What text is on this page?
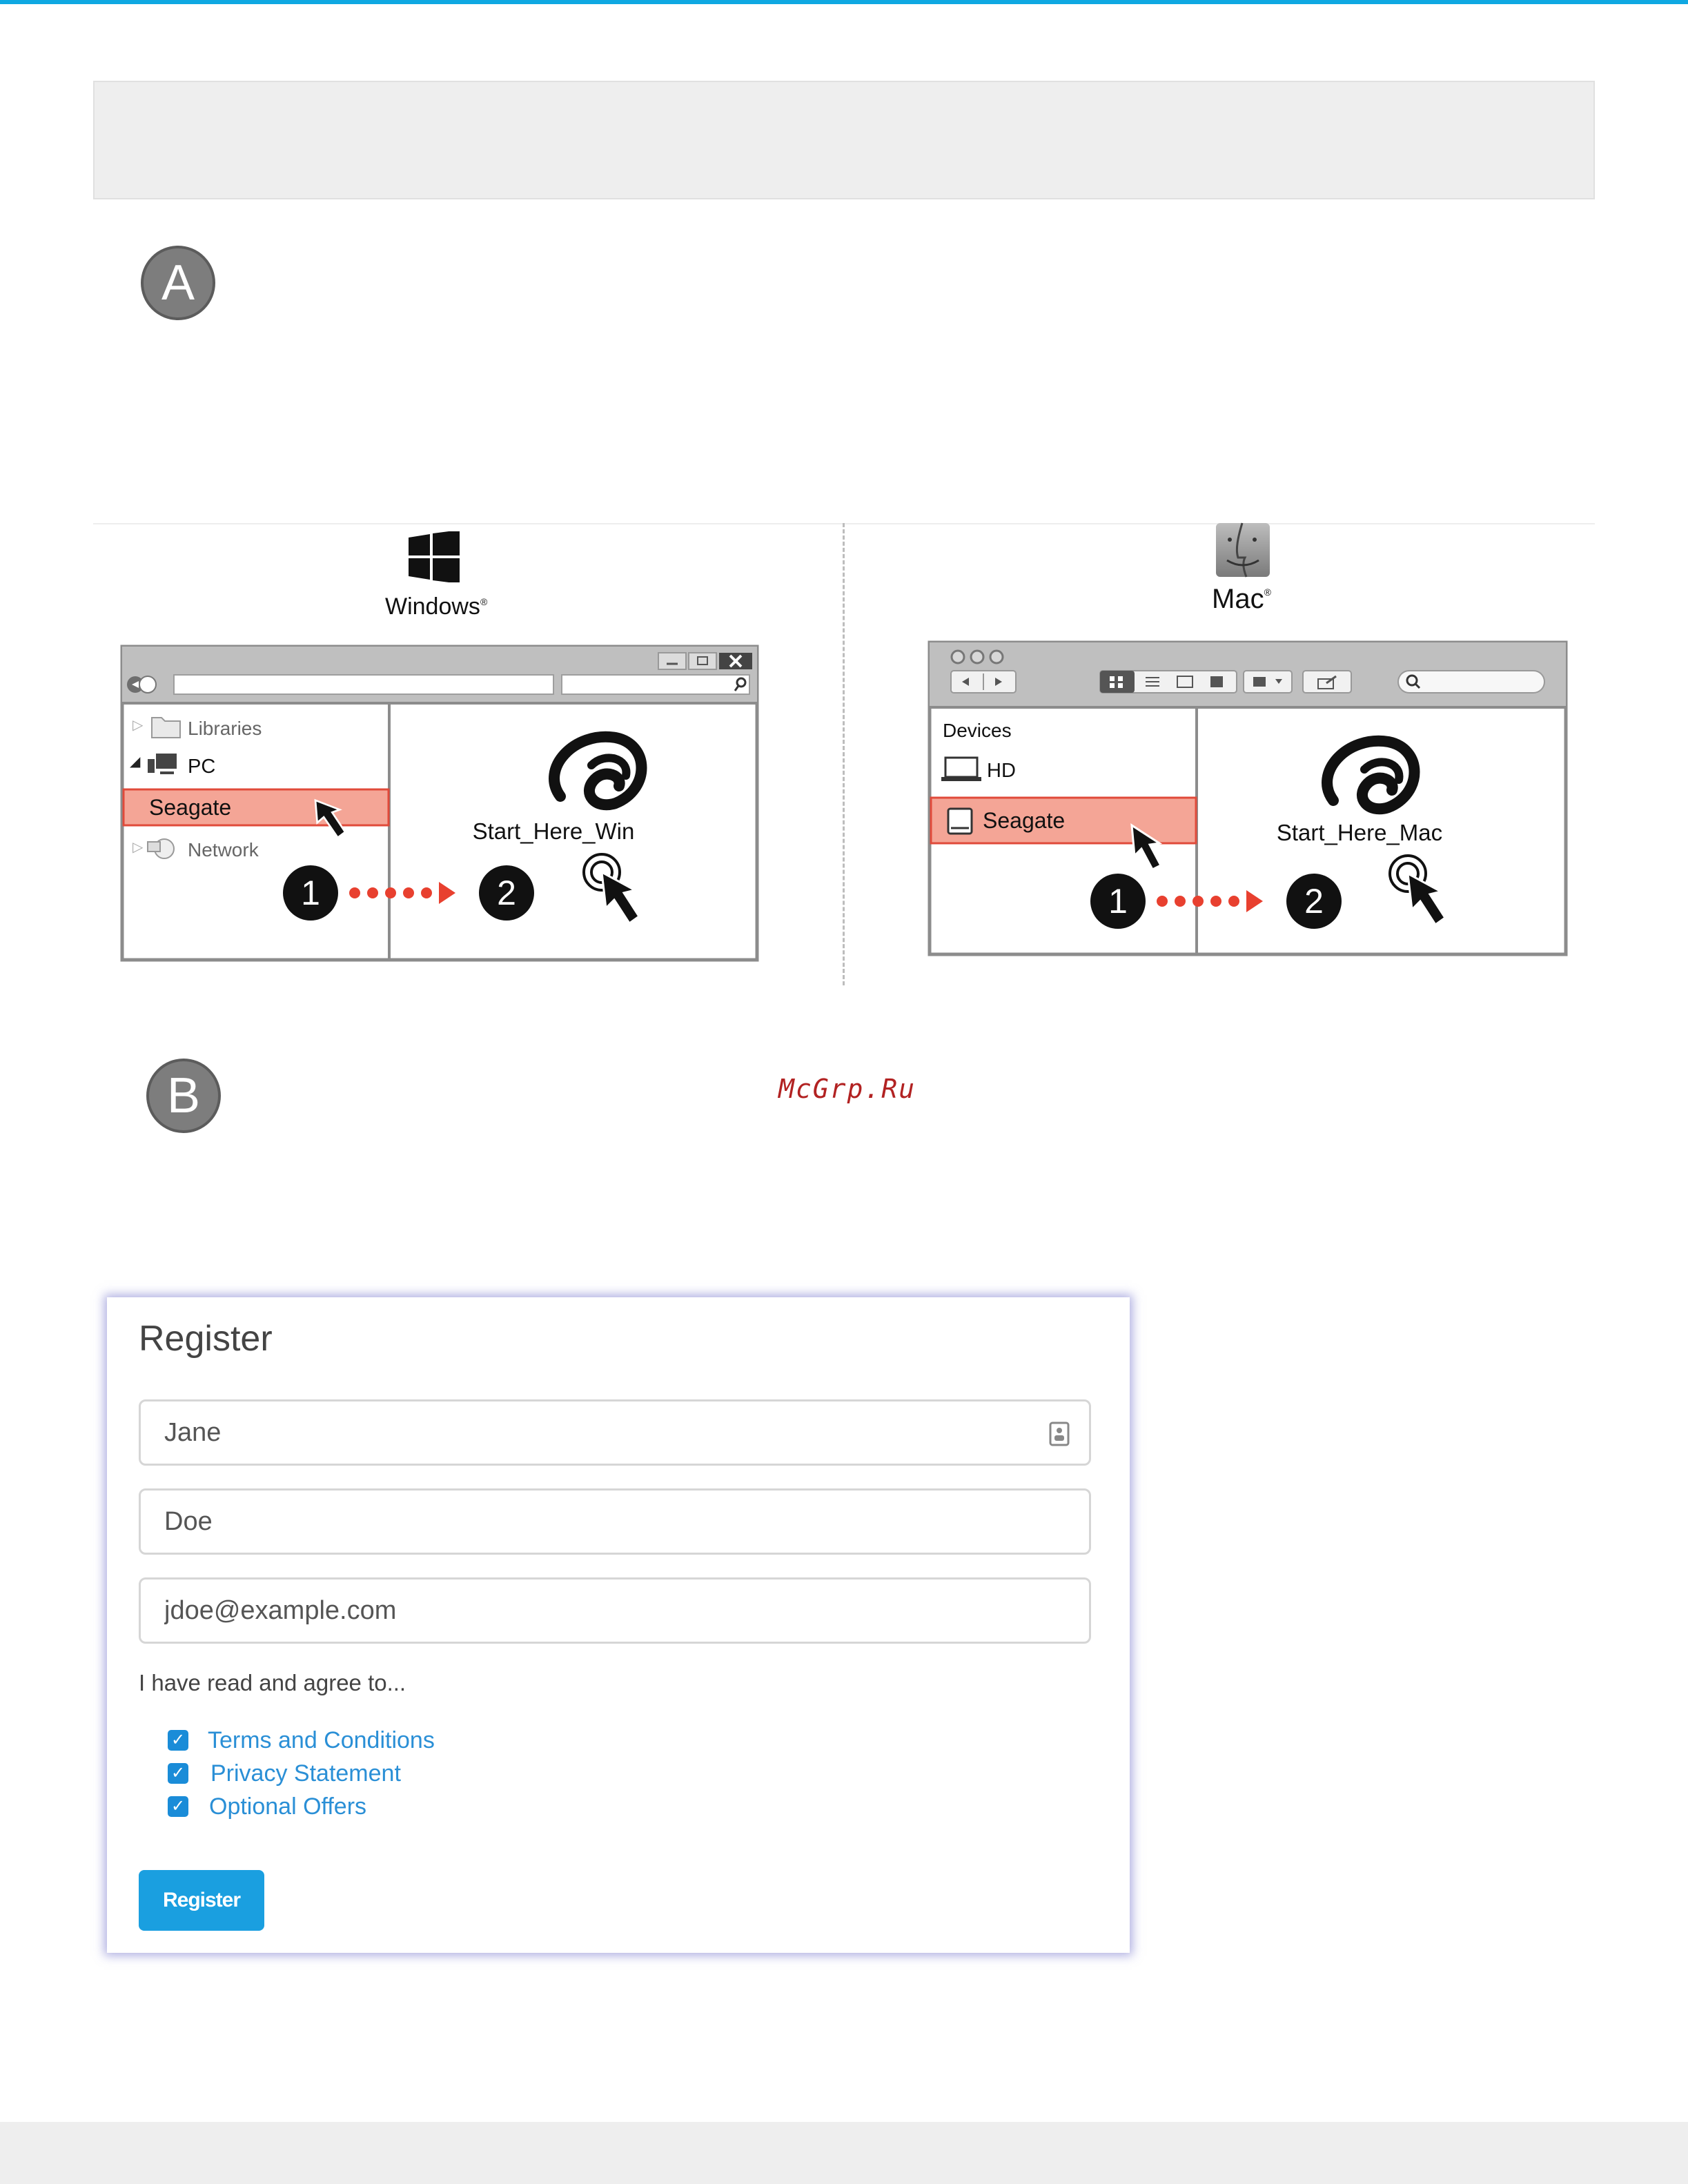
A
Windows®	Mac®
▷ Libraries
◢ PC
Seagate
▷ Network
1	2
Start_Here_Win
Devices
HD
Seagate
1	2
Start_Here_Mac
B	McGrp.Ru
Register
Jane
Doe
jdoe@example.com
I have read and agree to...
✓ Terms and Conditions
✓ Privacy Statement
✓ Optional Offers
Register
